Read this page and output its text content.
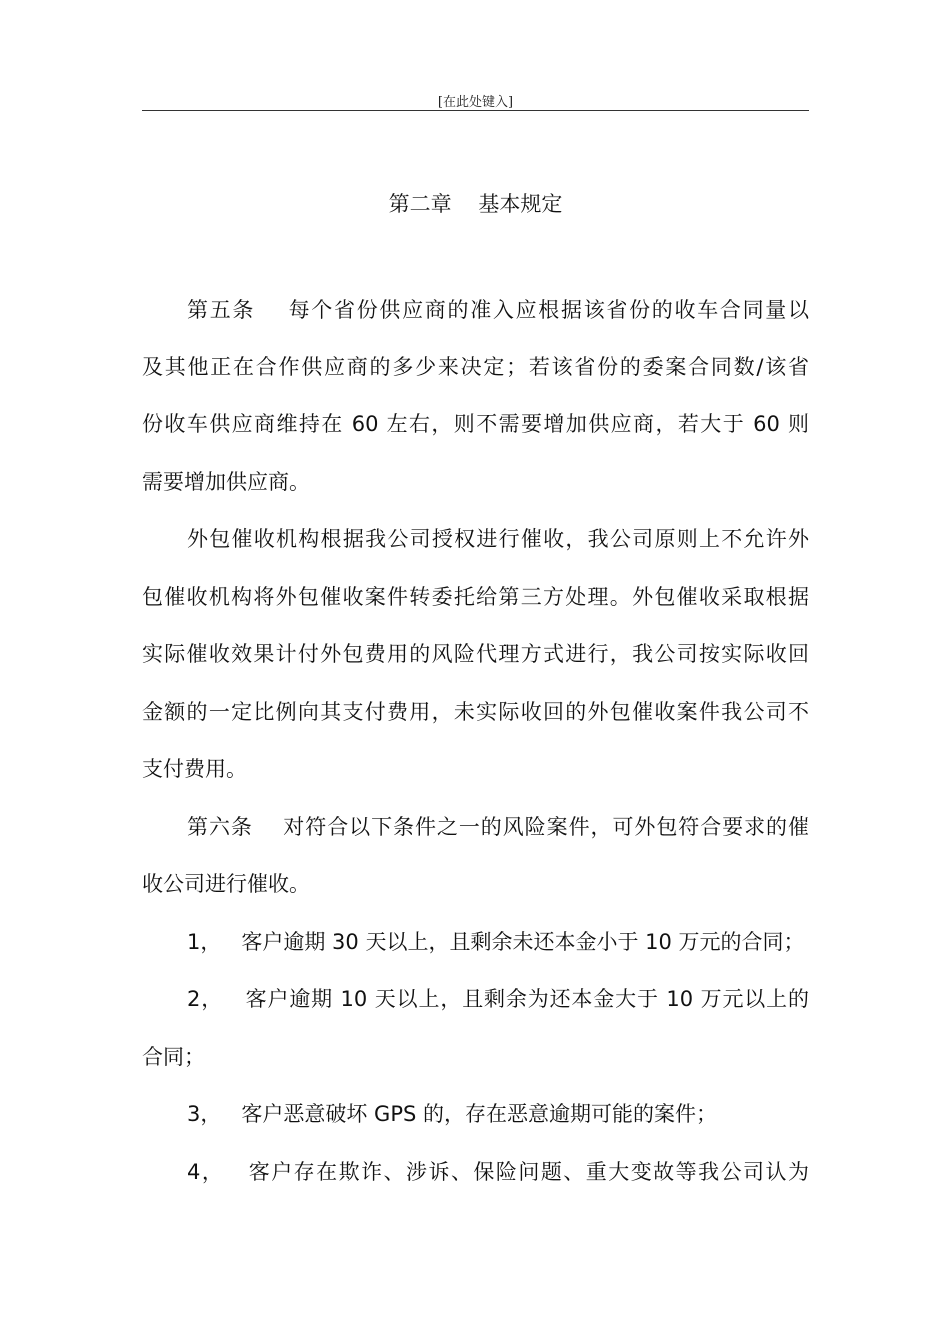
[在此处键入]
第二章    基本规定
第五条    每个省份供应商的准入应根据该省份的收车合同量以
及其他正在合作供应商的多少来决定；若该省份的委案合同数/该省
份收车供应商维持在 60 左右，则不需要增加供应商，若大于 60 则
需要增加供应商。
外包催收机构根据我公司授权进行催收，我公司原则上不允许外
包催收机构将外包催收案件转委托给第三方处理。外包催收采取根据
实际催收效果计付外包费用的风险代理方式进行，我公司按实际收回
金额的一定比例向其支付费用，未实际收回的外包催收案件我公司不
支付费用。
第六条    对符合以下条件之一的风险案件，可外包符合要求的催
收公司进行催收。
1，   客户逾期 30 天以上，且剩余未还本金小于 10 万元的合同；
2，   客户逾期 10 天以上，且剩余为还本金大于 10 万元以上的
合同；
3，   客户恶意破坏 GPS 的，存在恶意逾期可能的案件；
4，   客户存在欺诈、涉诉、保险问题、重大变故等我公司认为
